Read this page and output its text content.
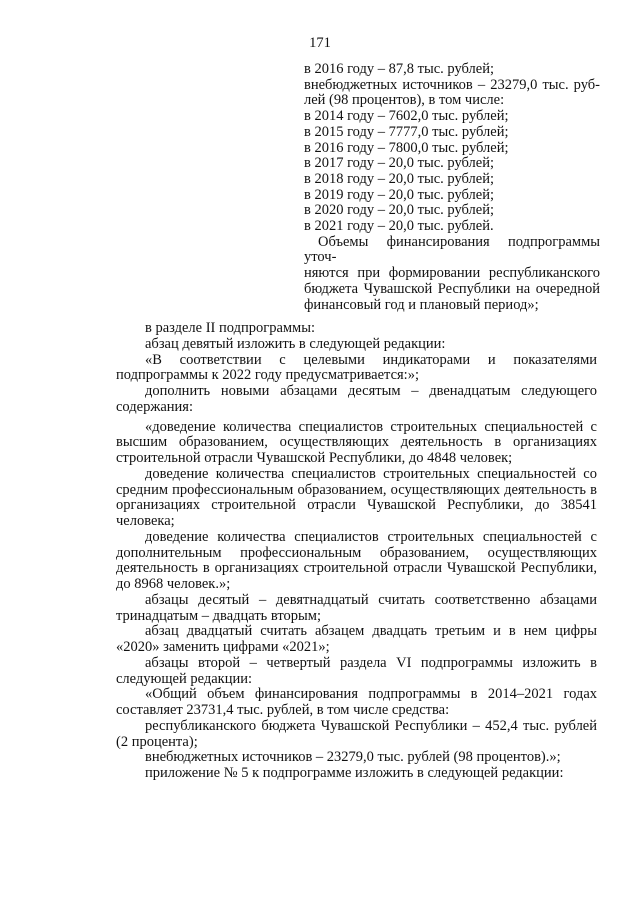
171
в 2016 году – 87,8 тыс. рублей;
внебюджетных источников – 23279,0 тыс. руб-
лей (98 процентов), в том числе:
в 2014 году – 7602,0 тыс. рублей;
в 2015 году – 7777,0 тыс. рублей;
в 2016 году – 7800,0 тыс. рублей;
в 2017 году – 20,0 тыс. рублей;
в 2018 году – 20,0 тыс. рублей;
в 2019 году – 20,0 тыс. рублей;
в 2020 году – 20,0 тыс. рублей;
в 2021 году – 20,0 тыс. рублей.
Объемы финансирования подпрограммы уточ-
няются при формировании республиканского
бюджета Чувашской Республики на очередной
финансовый год и плановый период»;

в разделе II подпрограммы:

абзац девятый изложить в следующей редакции:

«В соответствии с целевыми индикаторами и показателями подпрограммы к 2022 году предусматривается:»;

дополнить новыми абзацами десятым – двенадцатым следующего содержания:

«доведение количества специалистов строительных специальностей с высшим образованием, осуществляющих деятельность в организациях строительной отрасли Чувашской Республики, до 4848 человек;

доведение количества специалистов строительных специальностей со средним профессиональным образованием, осуществляющих деятельность в организациях строительной отрасли Чувашской Республики, до 38541 человека;

доведение количества специалистов строительных специальностей с дополнительным профессиональным образованием, осуществляющих деятельность в организациях строительной отрасли Чувашской Республики, до 8968 человек.»;

абзацы десятый – девятнадцатый считать соответственно абзацами тринадцатым – двадцать вторым;

абзац двадцатый считать абзацем двадцать третьим и в нем цифры «2020» заменить цифрами «2021»;

абзацы второй – четвертый раздела VI подпрограммы изложить в следующей редакции:

«Общий объем финансирования подпрограммы в 2014–2021 годах составляет 23731,4 тыс. рублей, в том числе средства:

республиканского бюджета Чувашской Республики – 452,4 тыс. рублей (2 процента);

внебюджетных источников – 23279,0 тыс. рублей (98 процентов).»;

приложение № 5 к подпрограмме изложить в следующей редакции:
